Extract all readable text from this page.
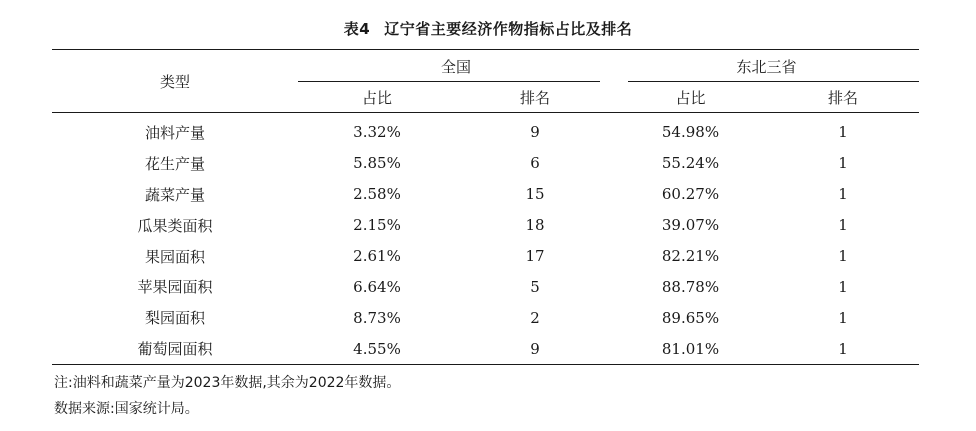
表4 辽宁省主要经济作物指标占比及排名
类型	全国		东北三省	

	占比	排名	占比	排名
油料产量	3.32%	9	54.98%	1
花生产量	5.85%	6	55.24%	1
蔬菜产量	2.58%	15	60.27%	1
瓜果类面积	2.15%	18	39.07%	1
果园面积	2.61%	17	82.21%	1
苹果园面积	6.64%	5	88.78%	1
梨园面积	8.73%	2	89.65%	1
葡萄园面积	4.55%	9	81.01%	1
注:油料和蔬菜产量为2023年数据,其余为2022年数据。
数据来源:国家统计局。
